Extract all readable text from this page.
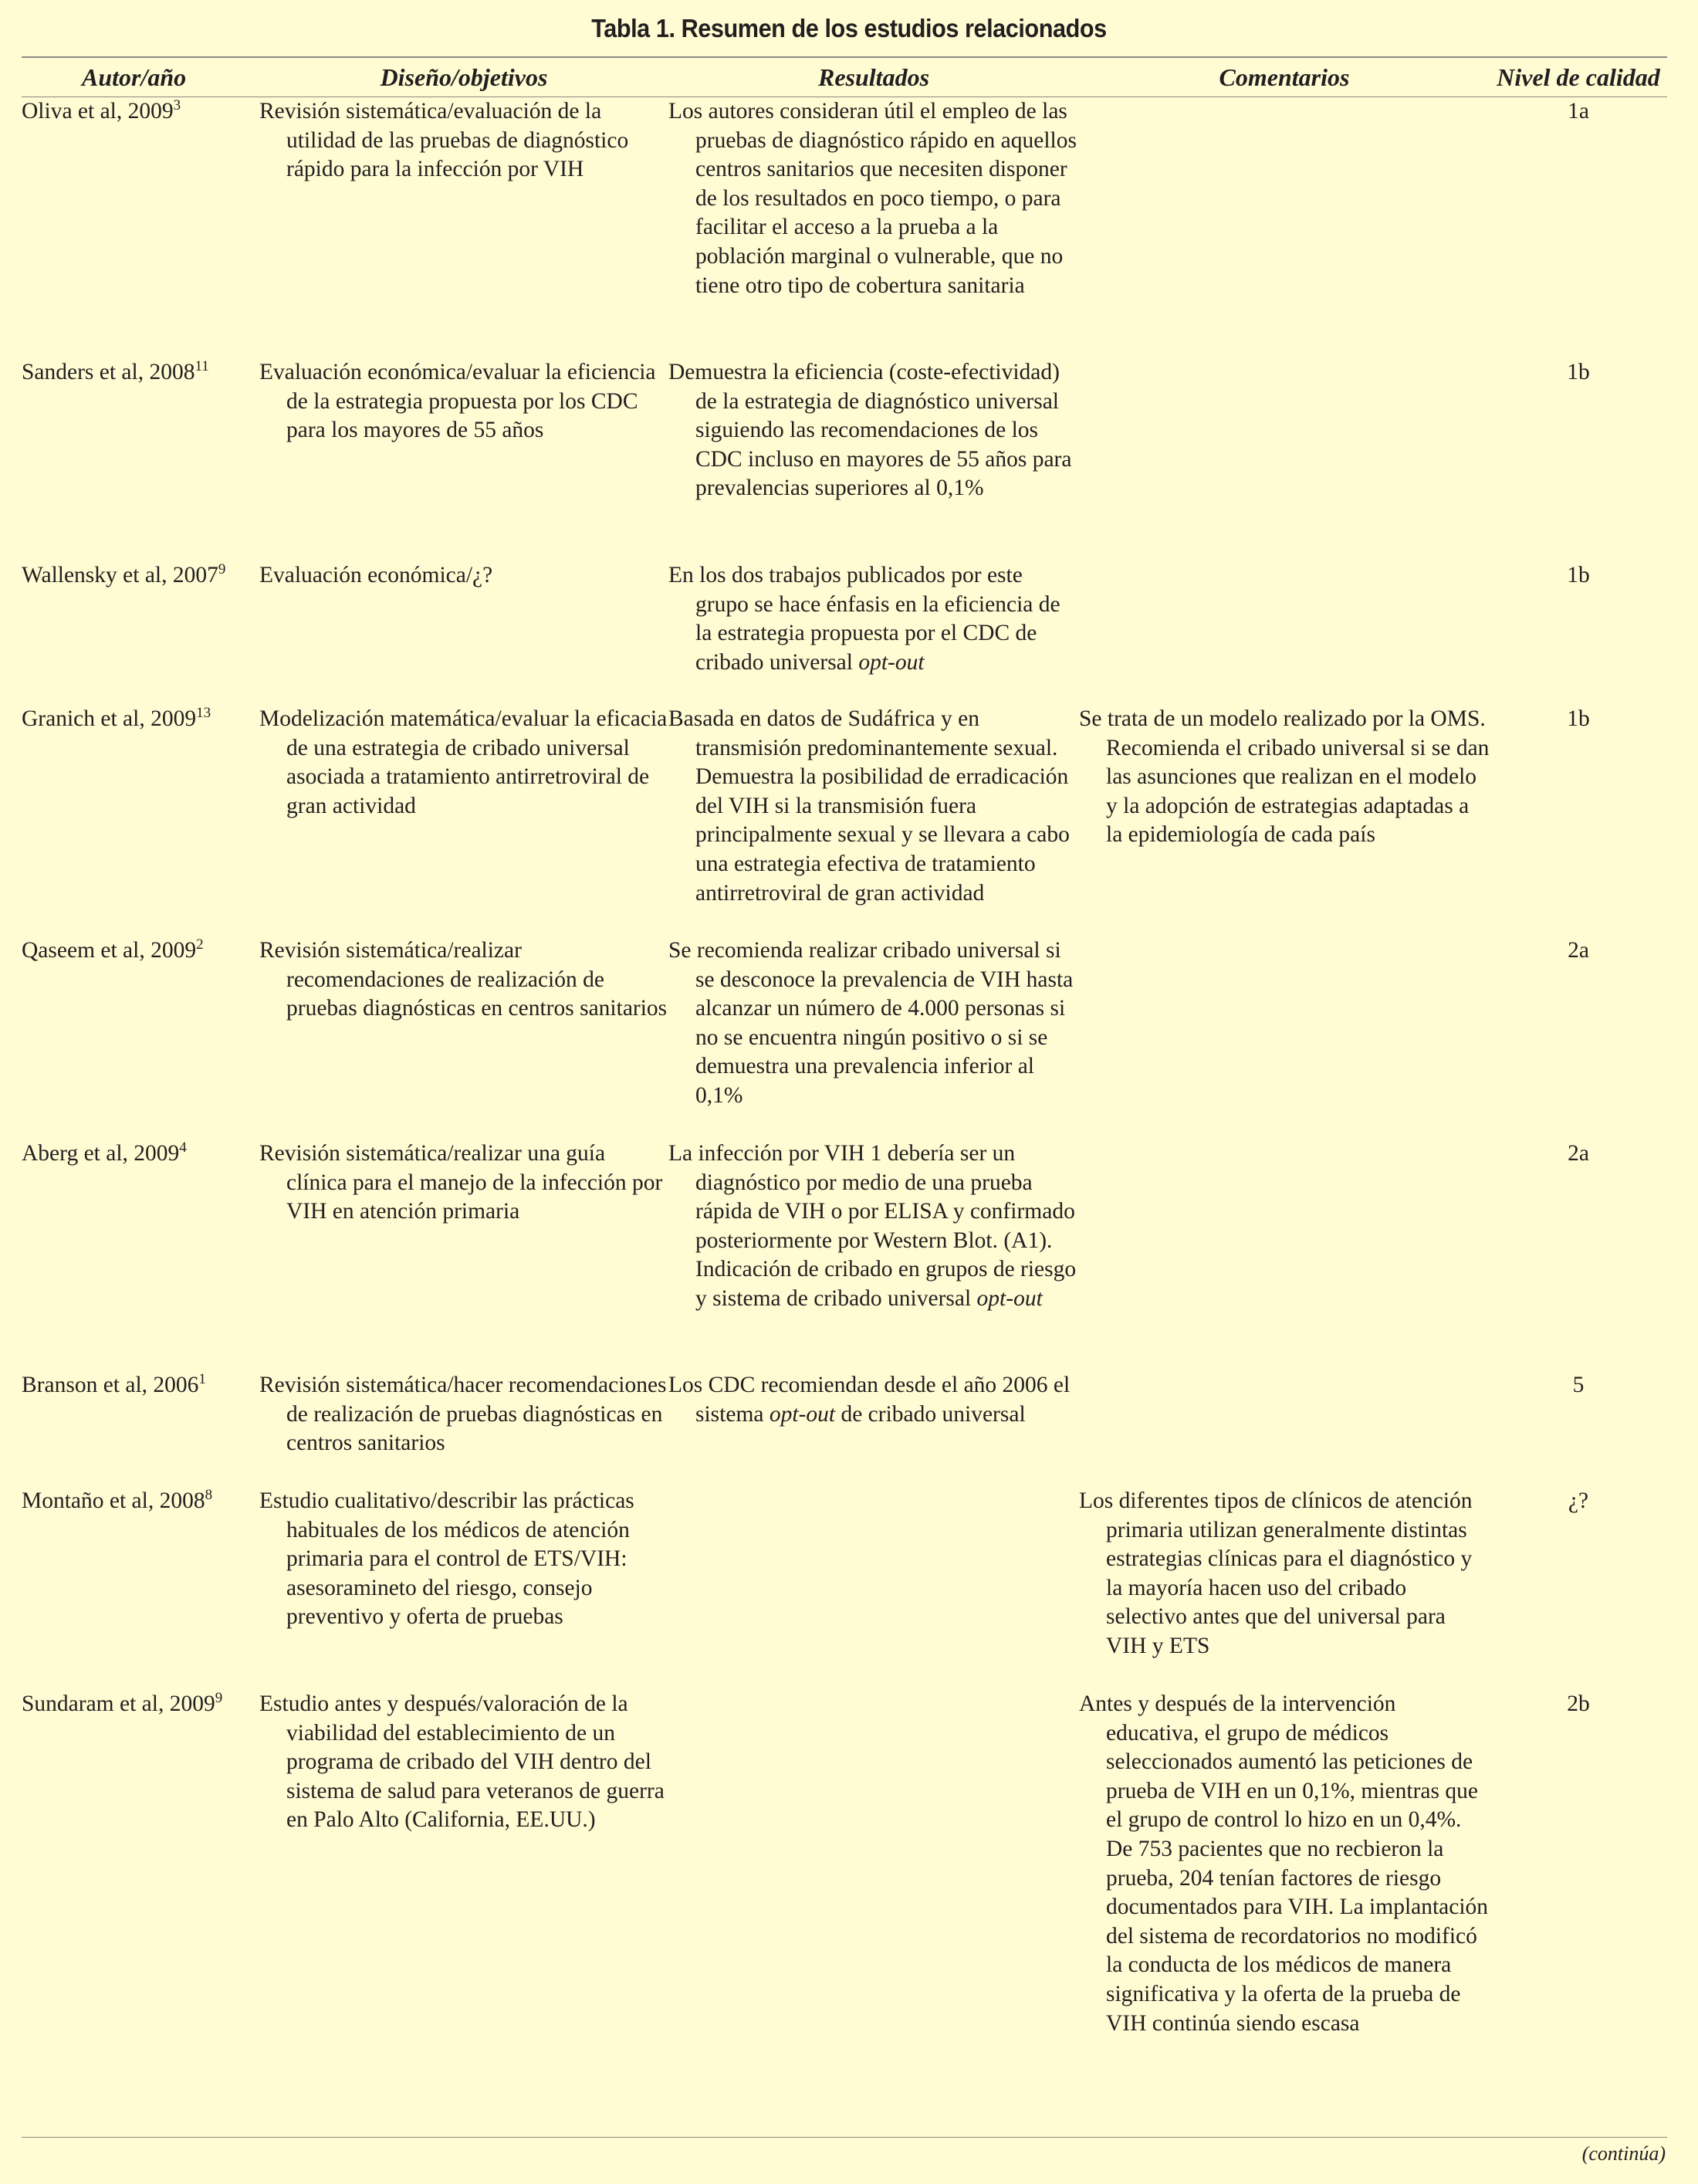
Tabla 1. Resumen de los estudios relacionados
Autor/año	Diseño/objetivos	Resultados	Comentarios	Nivel de calidad

Oliva et al, 2009$^3$	Revisión sistemática/evaluación de la utilidad de las pruebas de diagnóstico rápido para la infección por VIH	Los autores consideran útil el empleo de las pruebas de diagnóstico rápido en aquellos centros sanitarios que necesiten disponer de los resultados en poco tiempo, o para facilitar el acceso a la prueba a la población marginal o vulnerable, que no tiene otro tipo de cobertura sanitaria		1a

Sanders et al, 2008$^{11}$	Evaluación económica/evaluar la eficiencia de la estrategia propuesta por los CDC para los mayores de 55 años	Demuestra la eficiencia (coste-efectividad) de la estrategia de diagnóstico universal siguiendo las recomendaciones de los CDC incluso en mayores de 55 años para prevalencias superiores al 0,1%		1b

Wallensky et al, 2007$^9$	Evaluación económica/¿?	En los dos trabajos publicados por este grupo se hace énfasis en la eficiencia de la estrategia propuesta por el CDC de cribado universal opt-out		1b

Granich et al, 2009$^{13}$	Modelización matemática/evaluar la eficacia de una estrategia de cribado universal asociada a tratamiento antirretroviral de gran actividad	Basada en datos de Sudáfrica y en transmisión predominantemente sexual. Demuestra la posibilidad de erradicación del VIH si la transmisión fuera principalmente sexual y se llevara a cabo una estrategia efectiva de tratamiento antirretroviral de gran actividad	Se trata de un modelo realizado por la OMS. Recomienda el cribado universal si se dan las asunciones que realizan en el modelo y la adopción de estrategias adaptadas a la epidemiología de cada país	1b

Qaseem et al, 2009$^2$	Revisión sistemática/realizar recomendaciones de realización de pruebas diagnósticas en centros sanitarios	Se recomienda realizar cribado universal si se desconoce la prevalencia de VIH hasta alcanzar un número de 4.000 personas si no se encuentra ningún positivo o si se demuestra una prevalencia inferior al 0,1%		2a

Aberg et al, 2009$^4$	Revisión sistemática/realizar una guía clínica para el manejo de la infección por VIH en atención primaria	La infección por VIH 1 debería ser un diagnóstico por medio de una prueba rápida de VIH o por ELISA y confirmado posteriormente por Western Blot. (A1). Indicación de cribado en grupos de riesgo y sistema de cribado universal opt-out		2a

Branson et al, 2006$^1$	Revisión sistemática/hacer recomendaciones de realización de pruebas diagnósticas en centros sanitarios	Los CDC recomiendan desde el año 2006 el sistema opt-out de cribado universal		5

Montaño et al, 2008$^8$	Estudio cualitativo/describir las prácticas habituales de los médicos de atención primaria para el control de ETS/VIH: asesoramineto del riesgo, consejo preventivo y oferta de pruebas		Los diferentes tipos de clínicos de atención primaria utilizan generalmente distintas estrategias clínicas para el diagnóstico y la mayoría hacen uso del cribado selectivo antes que del universal para VIH y ETS	¿?

Sundaram et al, 2009$^9$	Estudio antes y después/valoración de la viabilidad del establecimiento de un programa de cribado del VIH dentro del sistema de salud para veteranos de guerra en Palo Alto (California, EE.UU.)		Antes y después de la intervención educativa, el grupo de médicos seleccionados aumentó las peticiones de prueba de VIH en un 0,1%, mientras que el grupo de control lo hizo en un 0,4%. De 753 pacientes que no recbieron la prueba, 204 tenían factores de riesgo documentados para VIH. La implantación del sistema de recordatorios no modificó la conducta de los médicos de manera significativa y la oferta de la prueba de VIH continúa siendo escasa	2b
(continúa)
